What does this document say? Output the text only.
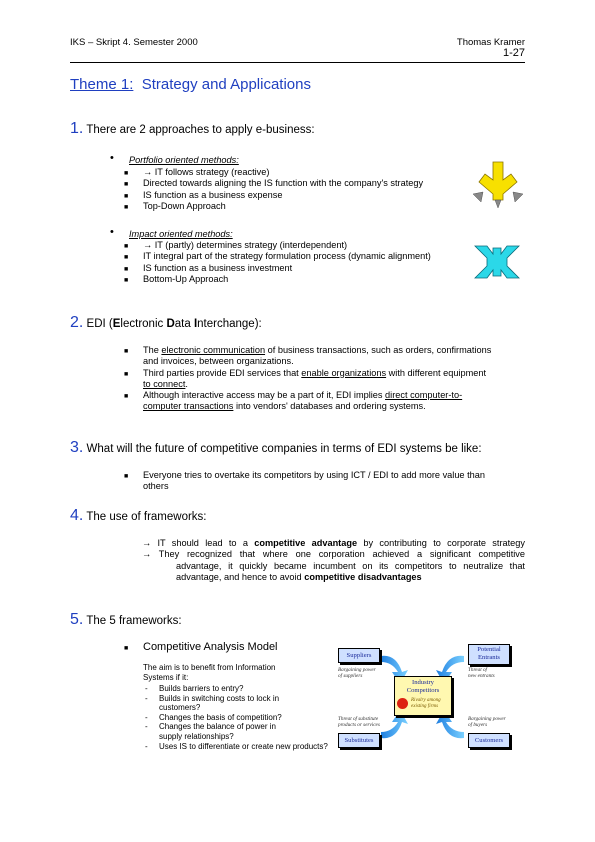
IKS – Skript 4. Semester 2000	Thomas Kramer
1-27
Theme 1: Strategy and Applications
1. There are 2 approaches to apply e-business:
• Portfolio oriented methods:
■ → IT follows strategy (reactive)
■ Directed towards aligning the IS function with the company's strategy
■ IS function as a business expense
■ Top-Down Approach
• Impact oriented methods:
■ → IT (partly) determines strategy (interdependent)
■ IT integral part of the strategy formulation process (dynamic alignment)
■ IS function as a business investment
■ Bottom-Up Approach
2. EDI (Electronic Data Interchange):
■ The electronic communication of business transactions, such as orders, confirmations
and invoices, between organizations.
■ Third parties provide EDI services that enable organizations with different equipment
to connect.
■ Although interactive access may be a part of it, EDI implies direct computer-to-
computer transactions into vendors' databases and ordering systems.
3. What will the future of competitive companies in terms of EDI systems be like:
■ Everyone tries to overtake its competitors by using ICT / EDI to add more value than
others
4. The use of frameworks:
→ IT should lead to a competitive advantage by contributing to corporate strategy
→ They recognized that where one corporation achieved a significant competitive
advantage, it quickly became incumbent on its competitors to neutralize that
advantage, and hence to avoid competitive disadvantages
5. The 5 frameworks:
■ Competitive Analysis Model
The aim is to benefit from Information
Systems if it:
- Builds barriers to entry?
- Builds in switching costs to lock in
customers?
- Changes the basis of competition?
- Changes the balance of power in
supply relationships?
- Uses IS to differentiate or create new products?
Suppliers
Potential
Entrants
Industry
Competitors
Rivalry among
existing firms
Substitutes	Customers
Bargaining power
of suppliers
Threat of
new entrants
Threat of substitute
products or services
Bargaining power
of buyers
